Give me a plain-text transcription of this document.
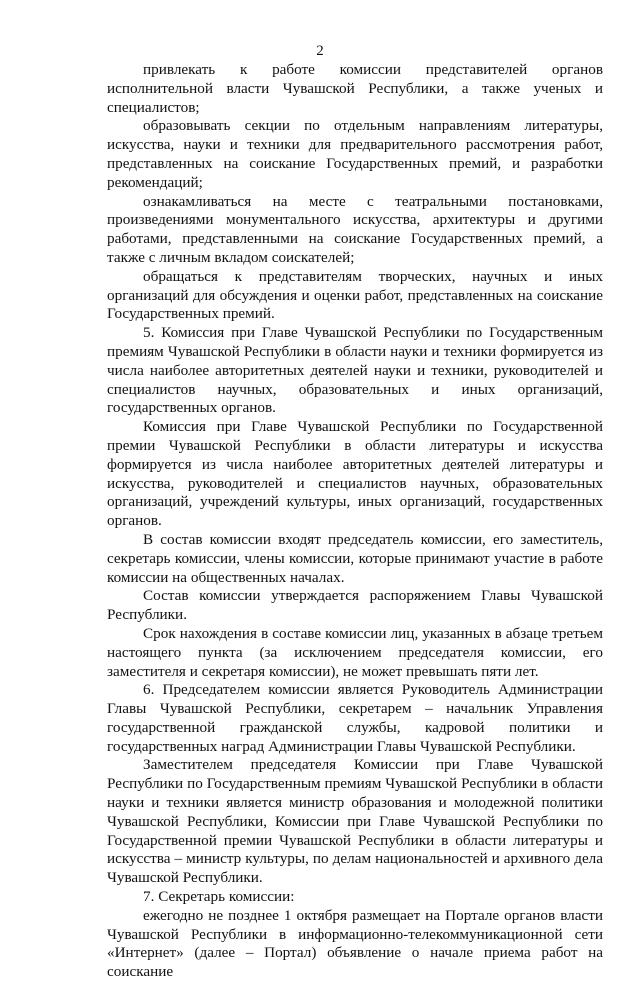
2

привлекать к работе комиссии представителей органов исполнительной власти Чувашской Республики, а также ученых и специалистов;

образовывать секции по отдельным направлениям литературы, искусства, науки и техники для предварительного рассмотрения работ, представленных на соискание Государственных премий, и разработки рекомендаций;

ознакамливаться на месте с театральными постановками, произведениями монументального искусства, архитектуры и другими работами, представленными на соискание Государственных премий, а также с личным вкладом соискателей;

обращаться к представителям творческих, научных и иных организаций для обсуждения и оценки работ, представленных на соискание Государственных премий.

5. Комиссия при Главе Чувашской Республики по Государственным премиям Чувашской Республики в области науки и техники формируется из числа наиболее авторитетных деятелей науки и техники, руководителей и специалистов научных, образовательных и иных организаций, государственных органов.

Комиссия при Главе Чувашской Республики по Государственной премии Чувашской Республики в области литературы и искусства формируется из числа наиболее авторитетных деятелей литературы и искусства, руководителей и специалистов научных, образовательных организаций, учреждений культуры, иных организаций, государственных органов.

В состав комиссии входят председатель комиссии, его заместитель, секретарь комиссии, члены комиссии, которые принимают участие в работе комиссии на общественных началах.

Состав комиссии утверждается распоряжением Главы Чувашской Республики.

Срок нахождения в составе комиссии лиц, указанных в абзаце третьем настоящего пункта (за исключением председателя комиссии, его заместителя и секретаря комиссии), не может превышать пяти лет.

6. Председателем комиссии является Руководитель Администрации Главы Чувашской Республики, секретарем – начальник Управления государственной гражданской службы, кадровой политики и государственных наград Администрации Главы Чувашской Республики.

Заместителем председателя Комиссии при Главе Чувашской Республики по Государственным премиям Чувашской Республики в области науки и техники является министр образования и молодежной политики Чувашской Республики, Комиссии при Главе Чувашской Республики по Государственной премии Чувашской Республики в области литературы и искусства – министр культуры, по делам национальностей и архивного дела Чувашской Республики.

7. Секретарь комиссии:

ежегодно не позднее 1 октября размещает на Портале органов власти Чувашской Республики в информационно-телекоммуникационной сети «Интернет» (далее – Портал) объявление о начале приема работ на соискание
